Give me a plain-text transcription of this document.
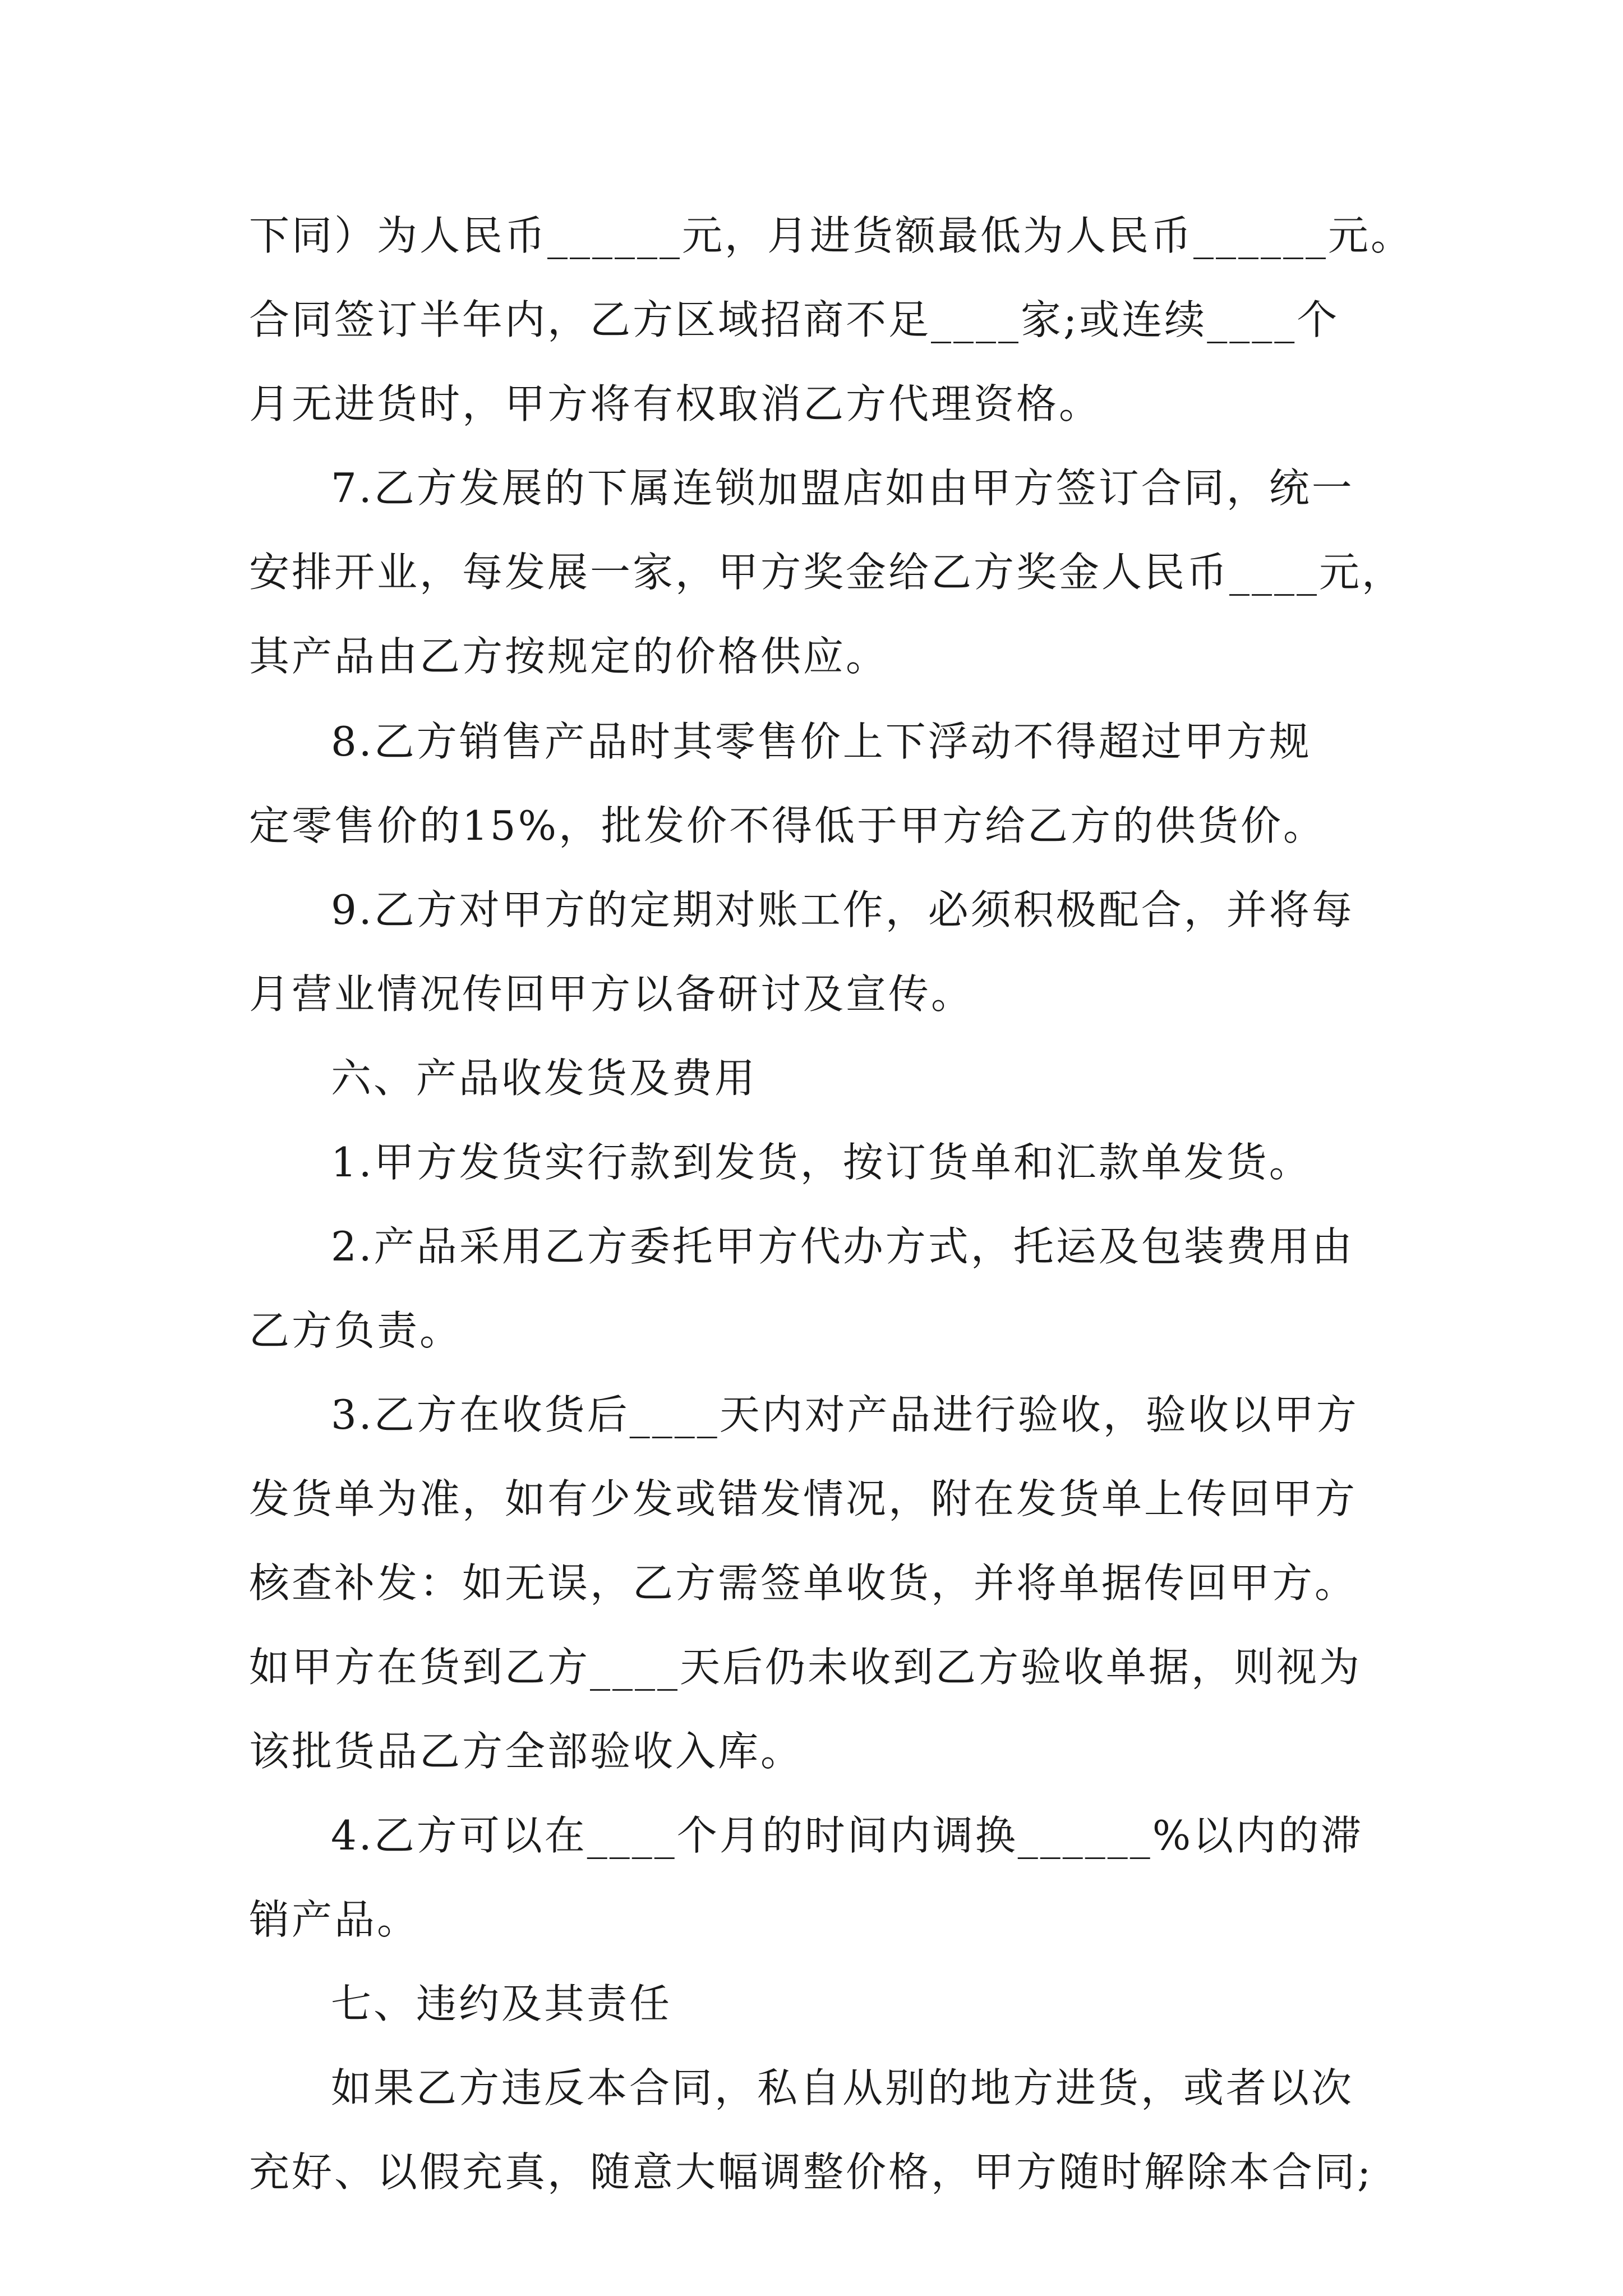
下同）为人民币______元，月进货额最低为人民币______元。
合同签订半年内，乙方区域招商不足____家;或连续____个
月无进货时，甲方将有权取消乙方代理资格。
7.乙方发展的下属连锁加盟店如由甲方签订合同，统一
安排开业，每发展一家，甲方奖金给乙方奖金人民币____元，
其产品由乙方按规定的价格供应。
8.乙方销售产品时其零售价上下浮动不得超过甲方规
定零售价的15%，批发价不得低于甲方给乙方的供货价。
9.乙方对甲方的定期对账工作，必须积极配合，并将每
月营业情况传回甲方以备研讨及宣传。
六、产品收发货及费用
1.甲方发货实行款到发货，按订货单和汇款单发货。
2.产品采用乙方委托甲方代办方式，托运及包装费用由
乙方负责。
3.乙方在收货后____天内对产品进行验收，验收以甲方
发货单为准，如有少发或错发情况，附在发货单上传回甲方
核查补发：如无误，乙方需签单收货，并将单据传回甲方。
如甲方在货到乙方____天后仍未收到乙方验收单据，则视为
该批货品乙方全部验收入库。
4.乙方可以在____个月的时间内调换______%以内的滞
销产品。
七、违约及其责任
如果乙方违反本合同，私自从别的地方进货，或者以次
充好、以假充真，随意大幅调整价格，甲方随时解除本合同;
